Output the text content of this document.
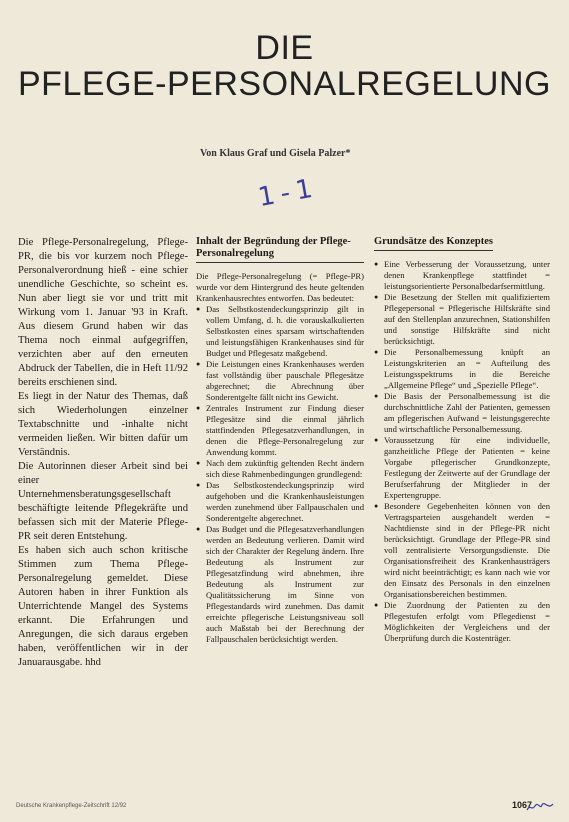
DIE
PFLEGE-PERSONALREGELUNG
Von Klaus Graf und Gisela Palzer*
1-1

Die Pflege-Personalregelung, Pflege-PR, die bis vor kurzem noch Pflege-Personalverordnung hieß - eine schier unendliche Geschichte, so scheint es. Nun aber liegt sie vor und tritt mit Wirkung vom 1. Januar '93 in Kraft. Aus diesem Grund haben wir das Thema noch einmal aufgegriffen, verzichten aber auf den erneuten Abdruck der Tabellen, die in Heft 11/92 bereits erschienen sind.

Es liegt in der Natur des Themas, daß sich Wiederholungen einzelner Textabschnitte und -inhalte nicht vermeiden ließen. Wir bitten dafür um Verständnis.

Die Autorinnen dieser Arbeit sind bei einer Unternehmensberatungsgesellschaft beschäftigte leitende Pflegekräfte und befassen sich mit der Materie Pflege-PR seit deren Entstehung.

Es haben sich auch schon kritische Stimmen zum Thema Pflege-Personalregelung gemeldet. Diese Autoren haben in ihrer Funktion als Unterrichtende Mangel des Systems erkannt. Die Erfahrungen und Anregungen, die sich daraus ergeben haben, veröffentlichen wir in der Januarausgabe. hhd

Inhalt der Begründung der Pflege-Personalregelung

Die Pflege-Personalregelung (= Pflege-PR) wurde vor dem Hintergrund des heute geltenden Krankenhausrechtes entworfen. Das bedeutet:

● Das Selbstkostendeckungsprinzip gilt in vollem Umfang, d. h. die vorauskalkulierten Selbstkosten eines sparsam wirtschaftenden und leistungsfähigen Krankenhauses sind für Budget und Pflegesatz maßgebend.
● Die Leistungen eines Krankenhauses werden fast vollständig über pauschale Pflegesätze abgerechnet; die Abrechnung über Sonderentgelte fällt nicht ins Gewicht.
● Zentrales Instrument zur Findung dieser Pflegesätze sind die einmal jährlich stattfindenden Pflegesatzverhandlungen, in denen die Pflege-Personalregelung zur Anwendung kommt.
● Nach dem zukünftig geltenden Recht ändern sich diese Rahmenbedingungen grundlegend:
● Das Selbstkostendeckungsprinzip wird aufgehoben und die Krankenhausleistungen werden zunehmend über Fallpauschalen und Sonderentgelte abgerechnet.
● Das Budget und die Pflegesatzverhandlungen werden an Bedeutung verlieren. Damit wird sich der Charakter der Regelung ändern. Ihre Bedeutung als Instrument zur Pflegesatzfindung wird abnehmen, ihre Bedeutung als Instrument zur Qualitätssicherung im Sinne von Pflegestandards wird zunehmen. Das damit erreichte pflegerische Leistungsniveau soll auch Maßstab bei der Berechnung der Fallpauschalen berücksichtigt werden.
Grundsätze des Konzeptes
● Eine Verbesserung der Voraussetzung, unter denen Krankenpflege stattfindet = leistungsorientierte Personalbedarfsermittlung.
● Die Besetzung der Stellen mit qualifiziertem Pflegepersonal = Pflegerische Hilfskräfte sind auf den Stellenplan anzurechnen, Stationshilfen und sonstige Hilfskräfte sind nicht berücksichtigt.
● Die Personalbemessung knüpft an Leistungskriterien an = Aufteilung des Leistungsspektrums in die Bereiche „Allgemeine Pflege“ und „Spezielle Pflege“.
● Die Basis der Personalbemessung ist die durchschnittliche Zahl der Patienten, gemessen am pflegerischen Aufwand = leistungsgerechte und wirtschaftliche Personalbemessung.
● Voraussetzung für eine individuelle, ganzheitliche Pflege der Patienten = keine Vorgabe pflegerischer Grundkonzepte, Festlegung der Zeitwerte auf der Grundlage der Berufserfahrung der Mitglieder in der Expertengruppe.
● Besondere Gegebenheiten können von den Vertragsparteien ausgehandelt werden = Nachtdienste sind in der Pflege-PR nicht berücksichtigt. Grundlage der Pflege-PR sind voll zentralisierte Versorgungsdienste. Die Organisationsfreiheit des Krankenhausträgers wird nicht beeinträchtigt; es kann nach wie vor den Einsatz des Personals in den einzelnen Organisationsbereichen bestimmen.
● Die Zuordnung der Patienten zu den Pflegestufen erfolgt vom Pflegedienst = Möglichkeiten der Vergleichens und der Überprüfung durch die Kostenträger.
Deutsche Krankenpflege-Zeitschrift 12/92	1067
